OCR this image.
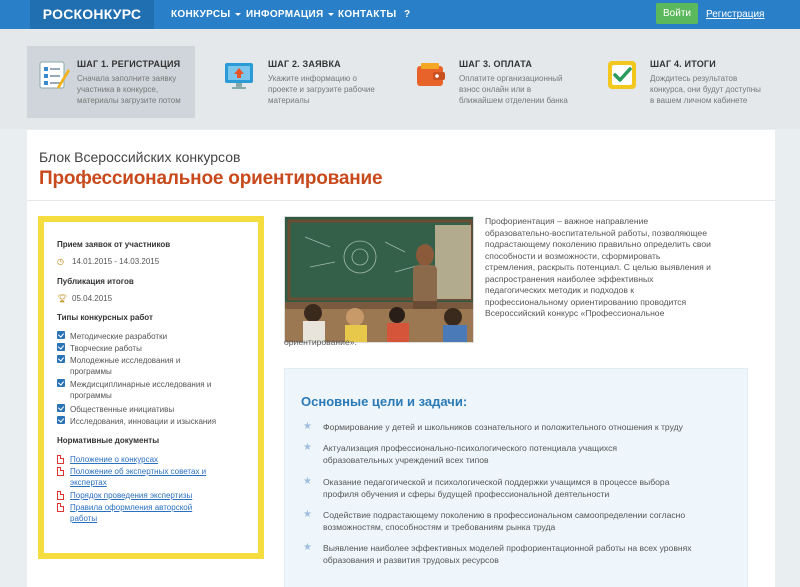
РОСКОНКУРС	КОНКУРСЫ	ИНФОРМАЦИЯ	КОНТАКТЫ ?	Войти	Регистрация
ШАГ 1. РЕГИСТРАЦИЯ
Сначала заполните заявку
участника в конкурсе,
материалы загрузите потом
ШАГ 2. ЗАЯВКА
Укажите информацию о
проекте и загрузите рабочие
материалы
ШАГ 3. ОПЛАТА
Оплатите организационный
взнос онлайн или в
ближайшем отделении банка
ШАГ 4. ИТОГИ
Дождитесь результатов
конкурса, они будут доступны
в вашем личном кабинете
Блок Всероссийских конкурсов
Профессиональное ориентирование
Прием заявок от участников
◷ 14.01.2015 - 14.03.2015
Публикация итогов
🏆︎ 05.04.2015
Типы конкурсных работ
Методические разработки
Творческие работы
Молодежные исследования и
программы
Междисциплинарные исследования и
программы
Общественные инициативы
Исследования, инновации и изыскания
Нормативные документы
Положение о конкурсах
Положение об экспертных советах и
экспертах
Порядок проведения экспертизы
Правила оформления авторской
работы
Профориентация – важное направление
образовательно-воспитательной работы, позволяющее
подрастающему поколению правильно определить свои
способности и возможности, сформировать
стремления, раскрыть потенциал. С целью выявления и
распространения наиболее эффективных
педагогических методик и подходов к
профессиональному ориентированию проводится
Всероссийский конкурс «Профессиональное
ориентирование».
Основные цели и задачи:
★ Формирование у детей и школьников сознательного и положительного отношения к труду
★ Актуализация профессионально-психологического потенциала учащихся
образовательных учреждений всех типов
★ Оказание педагогической и психологической поддержки учащимся в процессе выбора
профиля обучения и сферы будущей профессиональной деятельности
★ Содействие подрастающему поколению в профессиональном самоопределении согласно
возможностям, способностям и требованиям рынка труда
★ Выявление наиболее эффективных моделей профориентационной работы на всех уровнях
образования и развития трудовых ресурсов
